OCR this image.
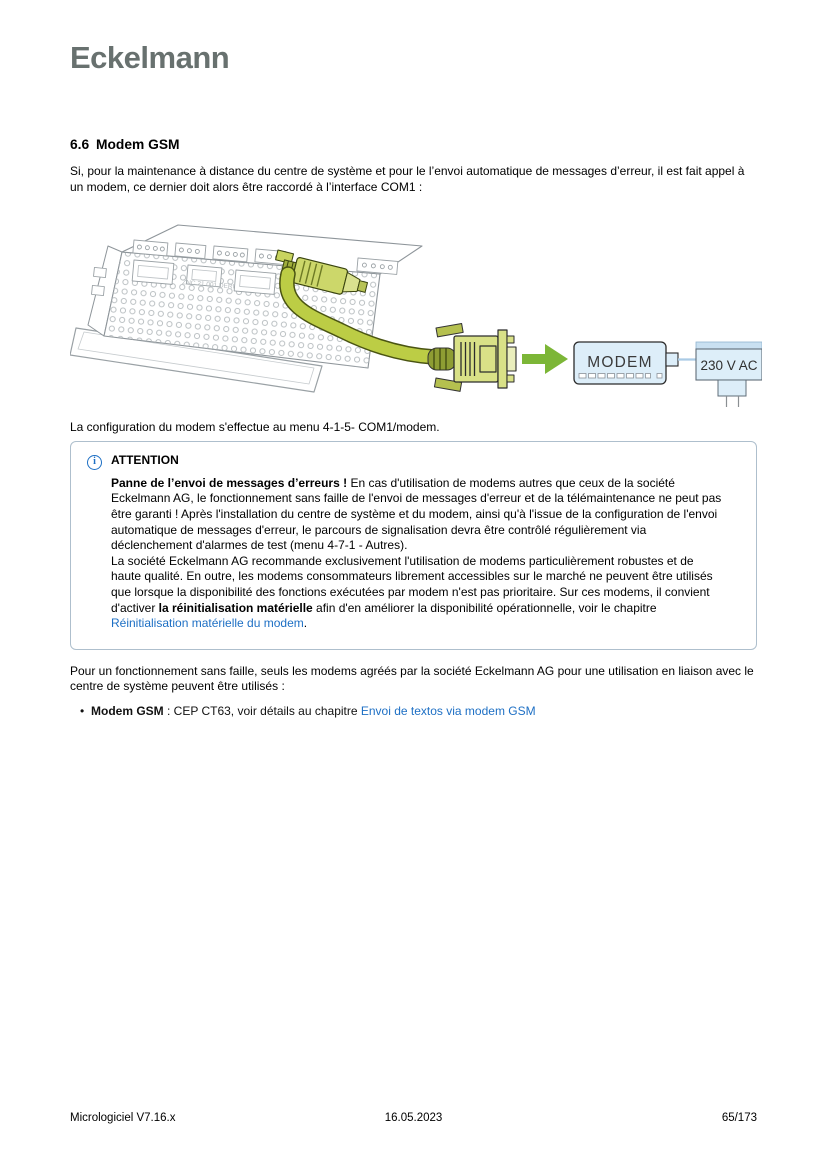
Eckelmann
6.6 Modem GSM

Si, pour la maintenance à distance du centre de système et pour le l’envoi automatique de messages d’erreur, il est fait appel à un modem, ce dernier doit alors être raccordé à l’interface COM1 :

ZNC 21 001 DERI
MODEM	230 V AC

La configuration du modem s'effectue au menu 4-1-5- COM1/modem.

i	ATTENTION

Panne de l’envoi de messages d’erreurs ! En cas d'utilisation de modems autres que ceux de la société Eckelmann AG, le fonctionnement sans faille de l'envoi de messages d'erreur et de la télémaintenance ne peut pas être garanti ! Après l'installation du centre de système et du modem, ainsi qu'à l'issue de la configuration de l'envoi automatique de messages d'erreur, le parcours de signalisation devra être contrôlé régulièrement via déclenchement d'alarmes de test (menu 4-7-1 - Autres).

La société Eckelmann AG recommande exclusivement l'utilisation de modems particulièrement robustes et de haute qualité. En outre, les modems consommateurs librement accessibles sur le marché ne peuvent être utilisés que lorsque la disponibilité des fonctions exécutées par modem n'est pas prioritaire. Sur ces modems, il convient d'activer la réinitialisation matérielle afin d'en améliorer la disponibilité opérationnelle, voir le chapitre Réinitialisation matérielle du modem.

Pour un fonctionnement sans faille, seuls les modems agréés par la société Eckelmann AG pour une utilisation en liaison avec le centre de système peuvent être utilisés :

• Modem GSM : CEP CT63, voir détails au chapitre Envoi de textos via modem GSM
Micrologiciel V7.16.x	16.05.2023	65/173
